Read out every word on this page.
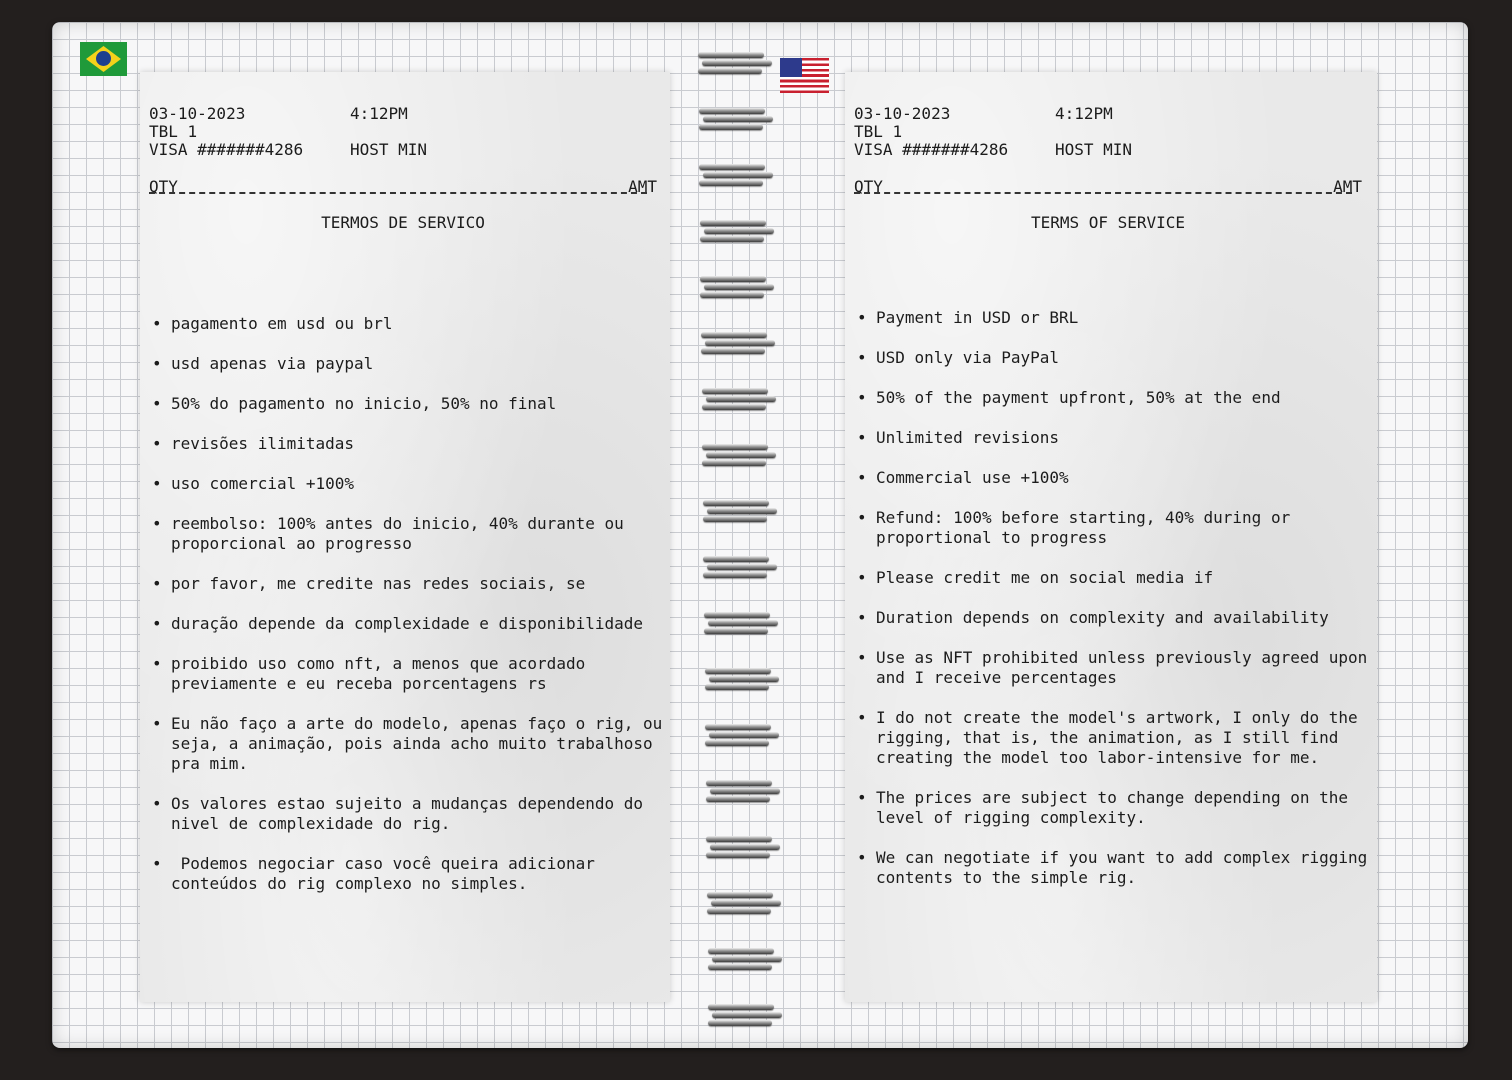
03-10-2023	4:12PM
TBL 1
VISA #######4286	HOST MIN
QTY	AMT
TERMOS DE SERVICO
• pagamento em usd ou brl
• usd apenas via paypal
• 50% do pagamento no inicio, 50% no final
• revisões ilimitadas
• uso comercial +100%
• reembolso: 100% antes do inicio, 40% durante ou
proporcional ao progresso
• por favor, me credite nas redes sociais, se
• duração depende da complexidade e disponibilidade
• proibido uso como nft, a menos que acordado
previamente e eu receba porcentagens rs
• Eu não faço a arte do modelo, apenas faço o rig, ou
seja, a animação, pois ainda acho muito trabalhoso
pra mim.
• Os valores estao sujeito a mudanças dependendo do
nivel de complexidade do rig.
•  Podemos negociar caso você queira adicionar
conteúdos do rig complexo no simples.
03-10-2023	4:12PM
TBL 1
VISA #######4286	HOST MIN
QTY	AMT
TERMS OF SERVICE
• Payment in USD or BRL
• USD only via PayPal
• 50% of the payment upfront, 50% at the end
• Unlimited revisions
• Commercial use +100%
• Refund: 100% before starting, 40% during or
proportional to progress
• Please credit me on social media if
• Duration depends on complexity and availability
• Use as NFT prohibited unless previously agreed upon
and I receive percentages
• I do not create the model's artwork, I only do the
rigging, that is, the animation, as I still find
creating the model too labor-intensive for me.
• The prices are subject to change depending on the
level of rigging complexity.
• We can negotiate if you want to add complex rigging
contents to the simple rig.
